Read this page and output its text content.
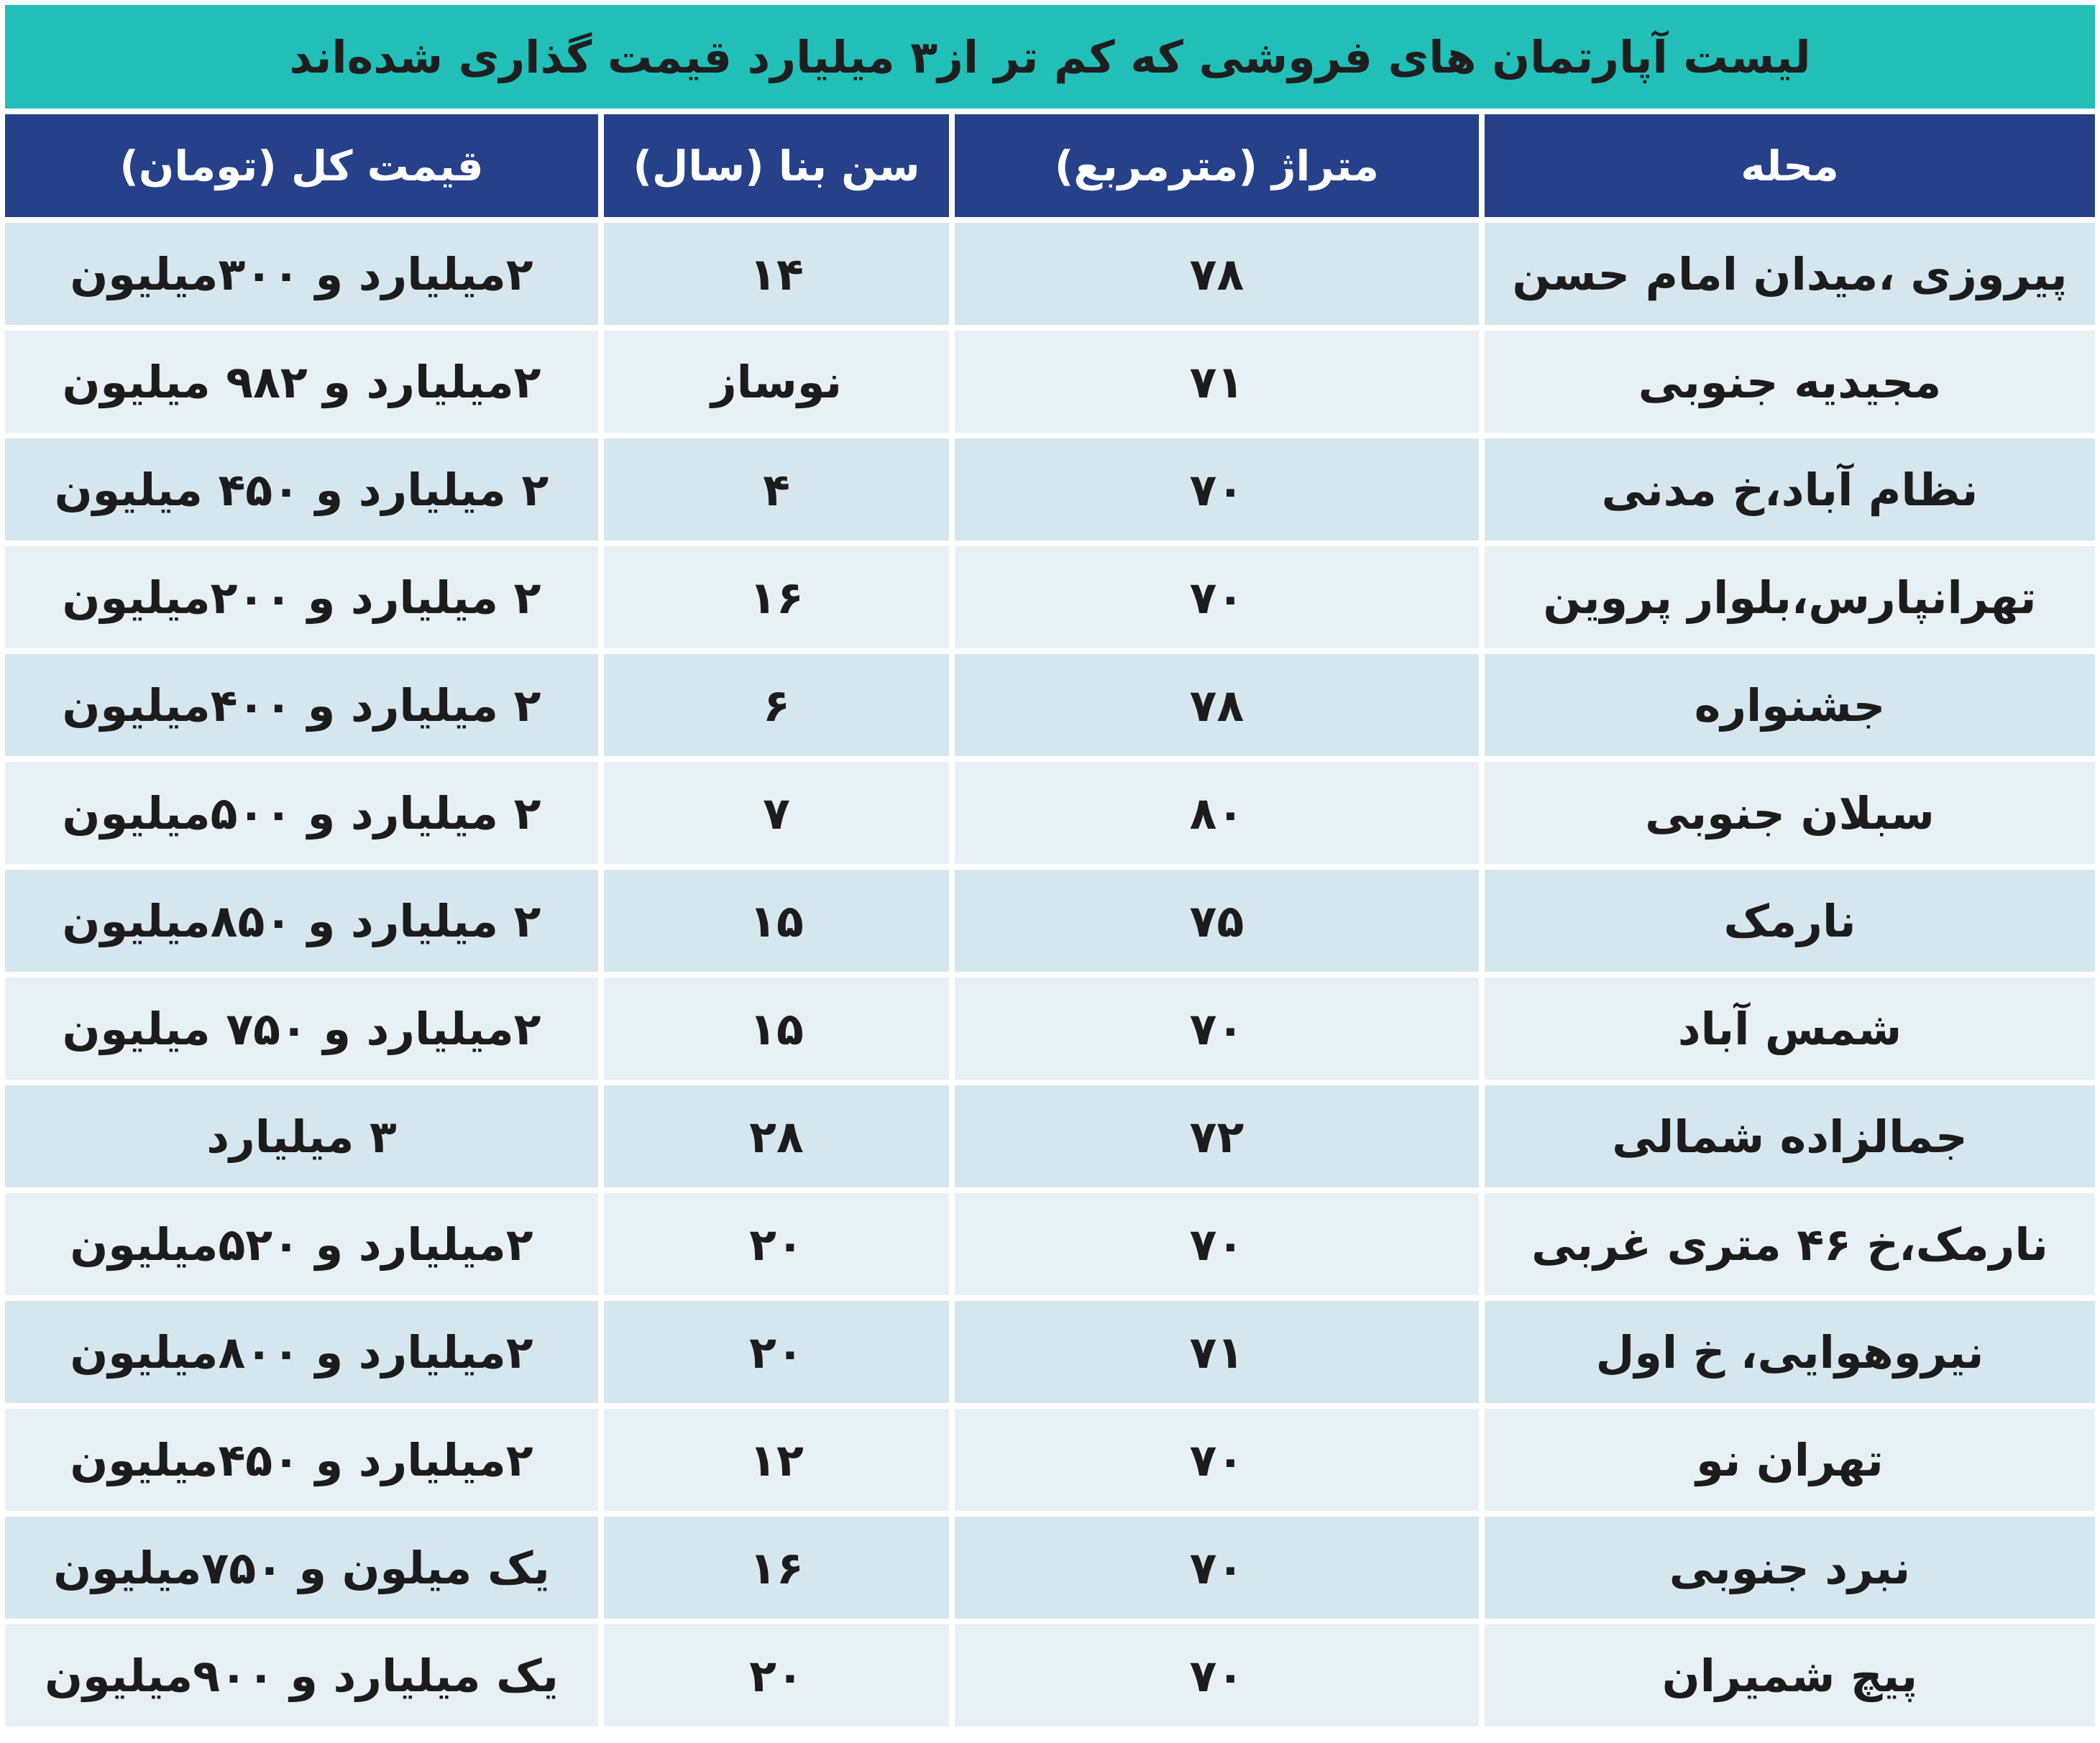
لیست آپارتمان های فروشی که کم تر از۳ میلیارد قیمت گذاری شده‌اند
محله	متراژ (مترمربع)	سن بنا (سال)	قیمت کل (تومان)
پیروزی ،میدان امام حسن	۷۸	۱۴	۲میلیارد و ۳۰۰میلیون
مجیدیه جنوبی	۷۱	نوساز	۲میلیارد و ۹۸۲ میلیون
نظام آباد،خ مدنی	۷۰	۴	۲ میلیارد و ۴۵۰ میلیون
تهرانپارس،بلوار پروین	۷۰	۱۶	۲ میلیارد و ۲۰۰میلیون
جشنواره	۷۸	۶	۲ میلیارد و ۴۰۰میلیون
سبلان جنوبی	۸۰	۷	۲ میلیارد و ۵۰۰میلیون
نارمک	۷۵	۱۵	۲ میلیارد و ۸۵۰میلیون
شمس آباد	۷۰	۱۵	۲میلیارد و ۷۵۰ میلیون
جمالزاده شمالی	۷۲	۲۸	۳ میلیارد
نارمک،خ ۴۶ متری غربی	۷۰	۲۰	۲میلیارد و ۵۲۰میلیون
نیروهوایی، خ اول	۷۱	۲۰	۲میلیارد و ۸۰۰میلیون
تهران نو	۷۰	۱۲	۲میلیارد و ۴۵۰میلیون
نبرد جنوبی	۷۰	۱۶	یک میلون و ۷۵۰میلیون
پیچ شمیران	۷۰	۲۰	یک میلیارد و ۹۰۰میلیون
